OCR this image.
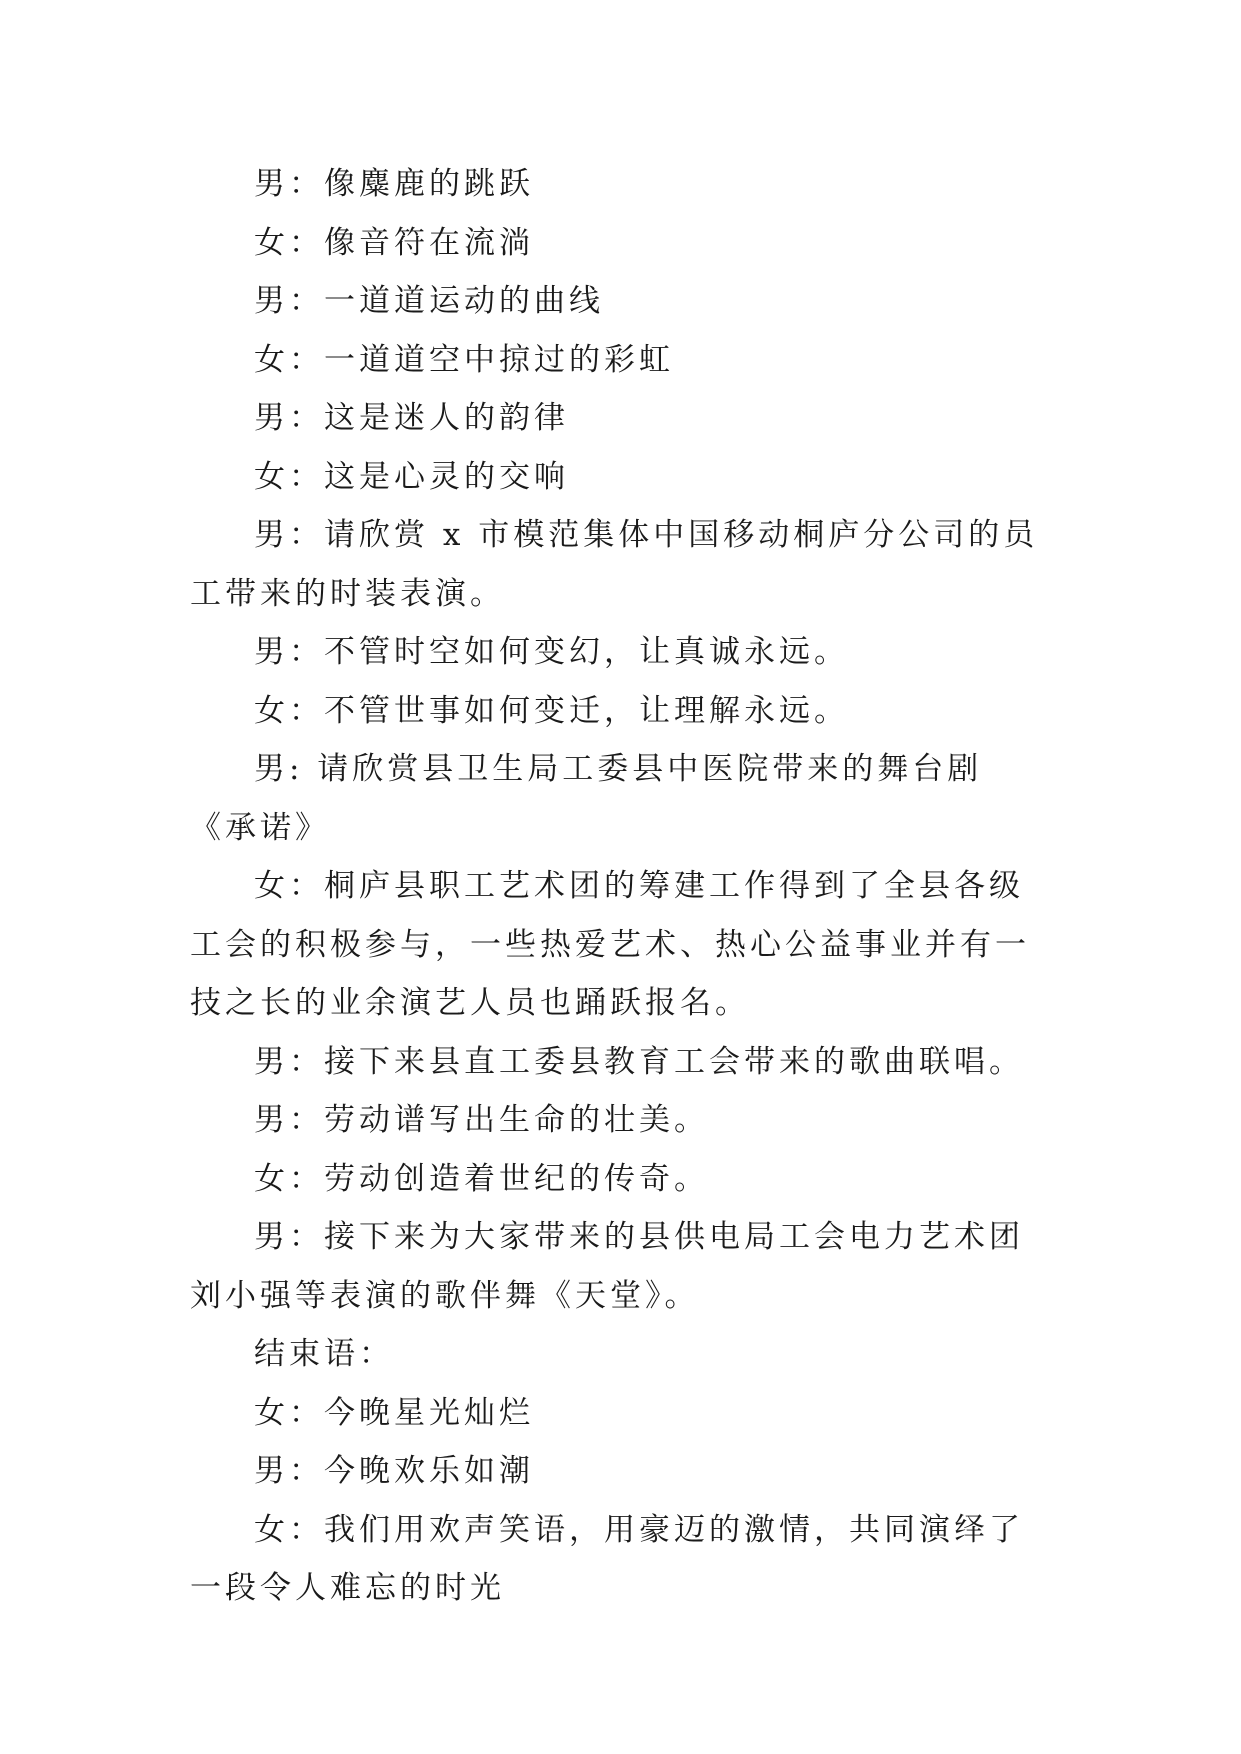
男：像麋鹿的跳跃

女：像音符在流淌

男：一道道运动的曲线

女：一道道空中掠过的彩虹

男：这是迷人的韵律

女：这是心灵的交响

男：请欣赏 x 市模范集体中国移动桐庐分公司的员工带来的时装表演。

男：不管时空如何变幻，让真诚永远。

女：不管世事如何变迁，让理解永远。

男: 请欣赏县卫生局工委县中医院带来的舞台剧《承诺》

女：桐庐县职工艺术团的筹建工作得到了全县各级工会的积极参与，一些热爱艺术、热心公益事业并有一技之长的业余演艺人员也踊跃报名。

男：接下来县直工委县教育工会带来的歌曲联唱。

男：劳动谱写出生命的壮美。

女：劳动创造着世纪的传奇。

男：接下来为大家带来的县供电局工会电力艺术团刘小强等表演的歌伴舞《天堂》。

结束语：

女：今晚星光灿烂

男：今晚欢乐如潮

女：我们用欢声笑语，用豪迈的激情，共同演绎了一段令人难忘的时光
